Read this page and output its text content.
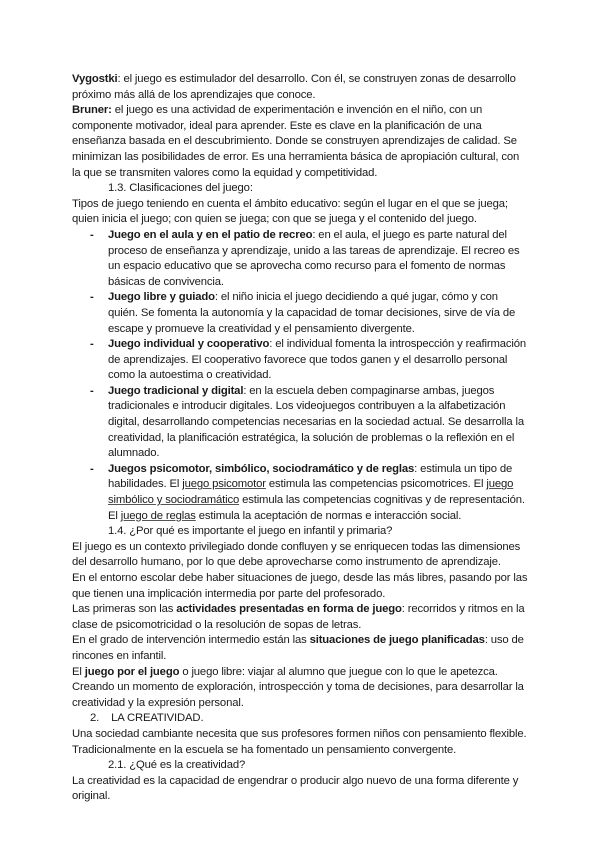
Vygostki: el juego es estimulador del desarrollo. Con él, se construyen zonas de desarrollo próximo más allá de los aprendizajes que conoce.

Bruner: el juego es una actividad de experimentación e invención en el niño, con un componente motivador, ideal para aprender. Este es clave en la planificación de una enseñanza basada en el descubrimiento. Donde se construyen aprendizajes de calidad. Se minimizan las posibilidades de error. Es una herramienta básica de apropiación cultural, con la que se transmiten valores como la equidad y competitividad.

1.3. Clasificaciones del juego:

Tipos de juego teniendo en cuenta el ámbito educativo: según el lugar en el que se juega; quien inicia el juego; con quien se juega; con que se juega y el contenido del juego.

- Juego en el aula y en el patio de recreo: en el aula, el juego es parte natural del proceso de enseñanza y aprendizaje, unido a las tareas de aprendizaje. El recreo es un espacio educativo que se aprovecha como recurso para el fomento de normas básicas de convivencia.
- Juego libre y guiado: el niño inicia el juego decidiendo a qué jugar, cómo y con quién. Se fomenta la autonomía y la capacidad de tomar decisiones, sirve de vía de escape y promueve la creatividad y el pensamiento divergente.
- Juego individual y cooperativo: el individual fomenta la introspección y reafirmación de aprendizajes. El cooperativo favorece que todos ganen y el desarrollo personal como la autoestima o creatividad.
- Juego tradicional y digital: en la escuela deben compaginarse ambas, juegos tradicionales e introducir digitales. Los videojuegos contribuyen a la alfabetización digital, desarrollando competencias necesarias en la sociedad actual. Se desarrolla la creatividad, la planificación estratégica, la solución de problemas o la reflexión en el alumnado.
- Juegos psicomotor, simbólico, sociodramático y de reglas: estimula un tipo de habilidades. El juego psicomotor estimula las competencias psicomotrices. El juego simbólico y sociodramático estimula las competencias cognitivas y de representación. El juego de reglas estimula la aceptación de normas e interacción social.

1.4. ¿Por qué es importante el juego en infantil y primaria?

El juego es un contexto privilegiado donde confluyen y se enriquecen todas las dimensiones del desarrollo humano, por lo que debe aprovecharse como instrumento de aprendizaje.

En el entorno escolar debe haber situaciones de juego, desde las más libres, pasando por las que tienen una implicación intermedia por parte del profesorado.

Las primeras son las actividades presentadas en forma de juego: recorridos y ritmos en la clase de psicomotricidad o la resolución de sopas de letras.

En el grado de intervención intermedio están las situaciones de juego planificadas: uso de rincones en infantil.

El juego por el juego o juego libre: viajar al alumno que juegue con lo que le apetezca. Creando un momento de exploración, introspección y toma de decisiones, para desarrollar la creatividad y la expresión personal.

2. LA CREATIVIDAD.

Una sociedad cambiante necesita que sus profesores formen niños con pensamiento flexible. Tradicionalmente en la escuela se ha fomentado un pensamiento convergente.

2.1. ¿Qué es la creatividad?

La creatividad es la capacidad de engendrar o producir algo nuevo de una forma diferente y original.
